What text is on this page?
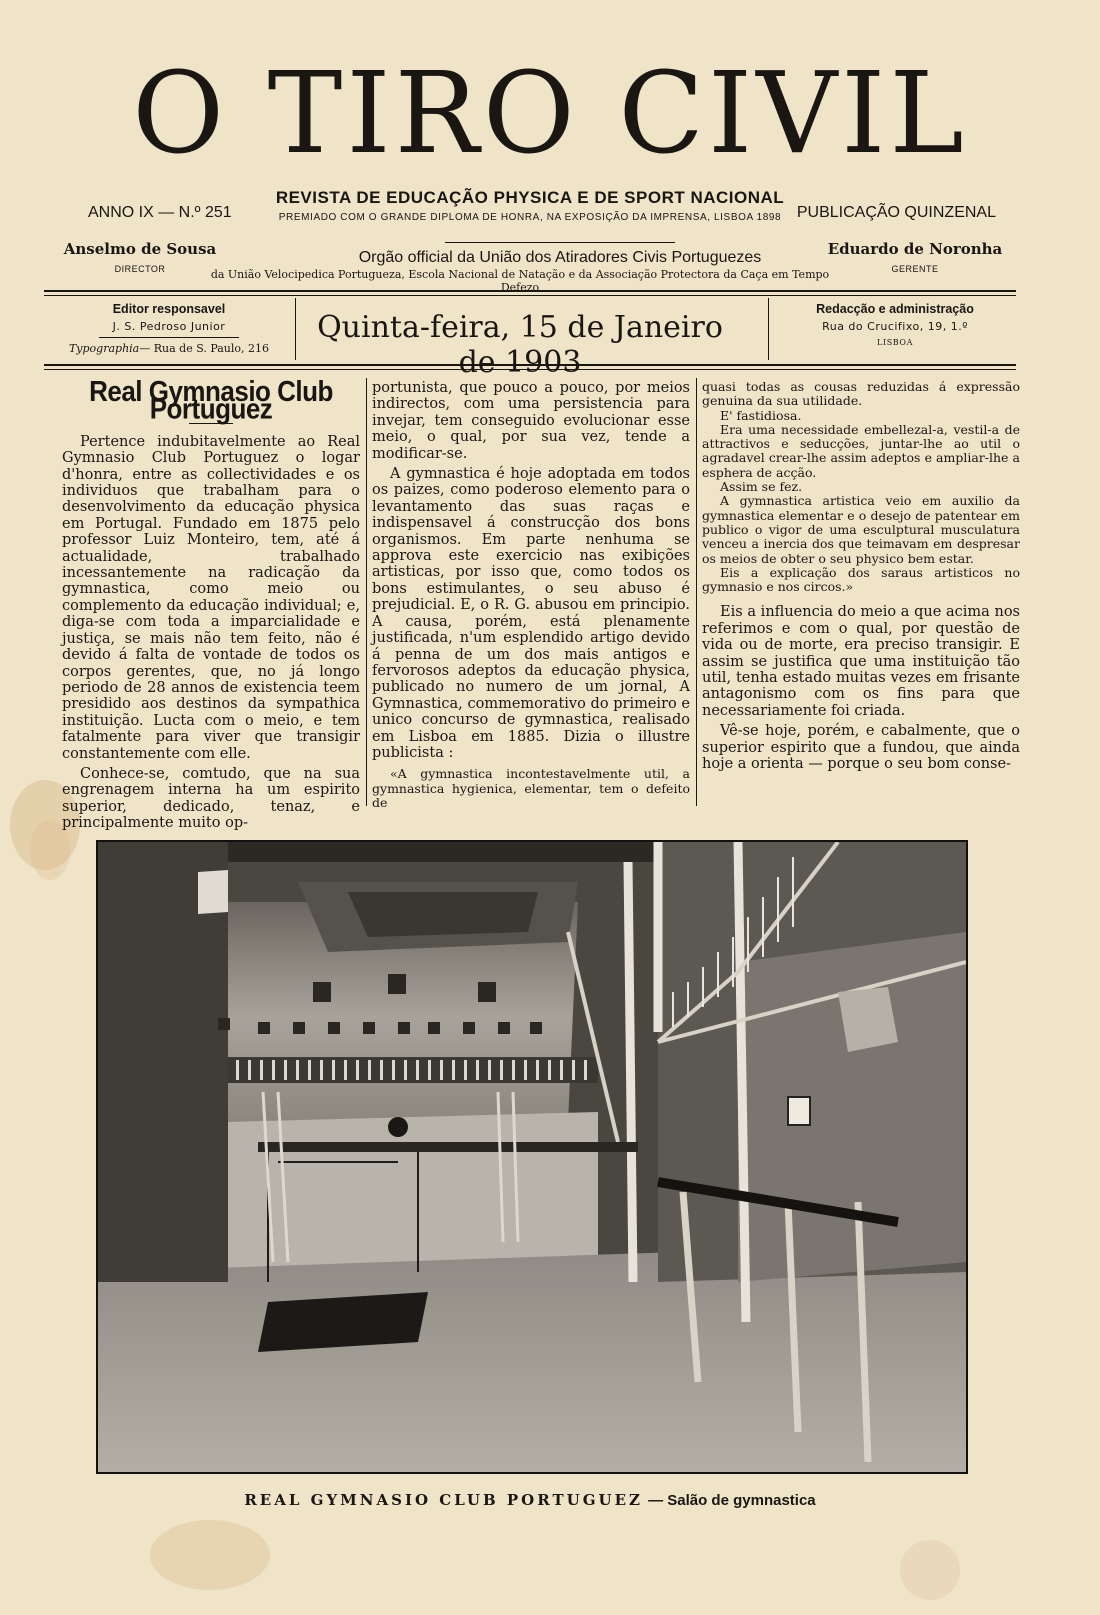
O TIRO CIVIL
ANNO IX — N.º 251
REVISTA DE EDUCAÇÃO PHYSICA E DE SPORT NACIONAL
PREMIADO COM O GRANDE DIPLOMA DE HONRA, NA EXPOSIÇÃO DA IMPRENSA, LISBOA 1898 PUBLICAÇÃO QUINZENAL
Anselmo de Sousa
DIRECTOR
Orgão official da União dos Atiradores Civis Portuguezes
da União Velocipedica Portugueza, Escola Nacional de Natação e da Associação Protectora da Caça em Tempo Defezo
Eduardo de Noronha
GERENTE
Editor responsavel
J. S. Pedroso Junior
Typographia— Rua de S. Paulo, 216
Quinta-feira, 15 de Janeiro de 1903
Redacção e administração
Rua do Crucifixo, 19, 1.º
LISBOA
Real Gymnasio Club Portuguez

Pertence indubitavelmente ao Real Gymnasio Club Portuguez o logar d'honra, entre as collectividades e os individuos que trabalham para o desenvolvimento da educação physica em Portugal. Fundado em 1875 pelo professor Luiz Monteiro, tem, até á actualidade, trabalhado incessantemente na radicação da gymnastica, como meio ou complemento da educação individual; e, diga-se com toda a imparcialidade e justiça, se mais não tem feito, não é devido á falta de vontade de todos os corpos gerentes, que, no já longo periodo de 28 annos de existencia teem presidido aos destinos da sympathica instituição. Lucta com o meio, e tem fatalmente para viver que transigir constantemente com elle.

Conhece-se, comtudo, que na sua engrenagem interna ha um espirito superior, dedicado, tenaz, e principalmente muito op-

portunista, que pouco a pouco, por meios indirectos, com uma persistencia para invejar, tem conseguido evolucionar esse meio, o qual, por sua vez, tende a modificar-se.

A gymnastica é hoje adoptada em todos os paizes, como poderoso elemento para o levantamento das suas raças e indispensavel á construcção dos bons organismos. Em parte nenhuma se approva este exercicio nas exibições artisticas, por isso que, como todos os bons estimulantes, o seu abuso é prejudicial. E, o R. G. abusou em principio. A causa, porém, está plenamente justificada, n'um esplendido artigo devido á penna de um dos mais antigos e fervorosos adeptos da educação physica, publicado no numero de um jornal, A Gymnastica, commemorativo do primeiro e unico concurso de gymnastica, realisado em Lisboa em 1885. Dizia o illustre publicista :

«A gymnastica incontestavelmente util, a gymnastica hygienica, elementar, tem o defeito de

quasi todas as cousas reduzidas á expressão genuina da sua utilidade.

E' fastidiosa.

Era uma necessidade embellezal-a, vestil-a de attractivos e seducções, juntar-lhe ao util o agradavel crear-lhe assim adeptos e ampliar-lhe a esphera de acção.

Assim se fez.

A gymnastica artistica veio em auxilio da gymnastica elementar e o desejo de patentear em publico o vigor de uma esculptural musculatura venceu a inercia dos que teimavam em despresar os meios de obter o seu physico bem estar.

Eis a explicação dos saraus artisticos no gymnasio e nos circos.»

Eis a influencia do meio a que acima nos referimos e com o qual, por questão de vida ou de morte, era preciso transigir. E assim se justifica que uma instituição tão util, tenha estado muitas vezes em frisante antagonismo com os fins para que necessariamente foi criada.

Vê-se hoje, porém, e cabalmente, que o superior espirito que a fundou, que ainda hoje a orienta — porque o seu bom conse-

REAL GYMNASIO CLUB PORTUGUEZ — Salão de gymnastica
